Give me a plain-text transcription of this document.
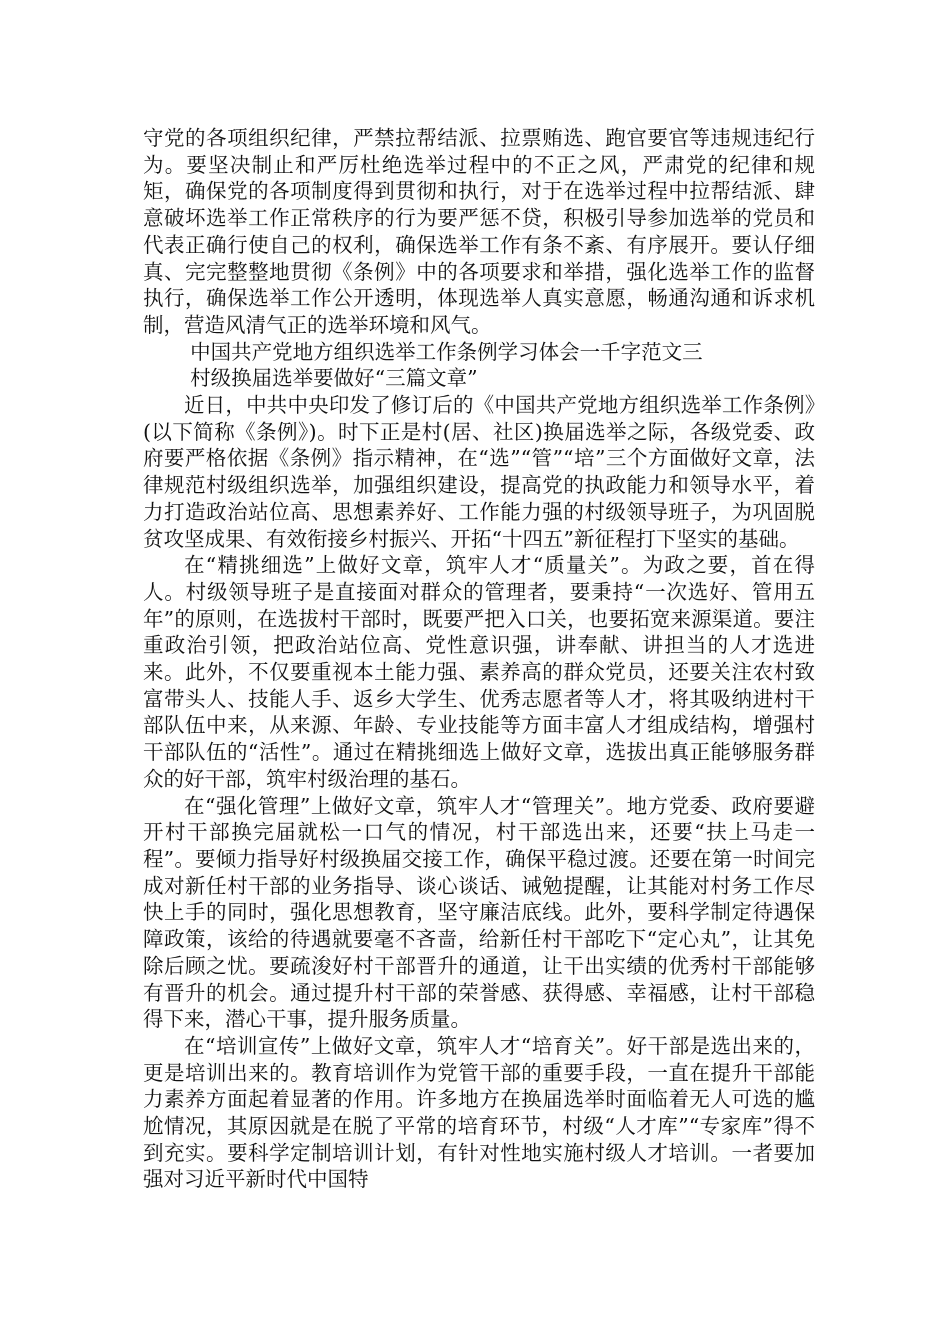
守党的各项组织纪律，严禁拉帮结派、拉票贿选、跑官要官等违规违纪行为。要坚决制止和严厉杜绝选举过程中的不正之风，严肃党的纪律和规矩，确保党的各项制度得到贯彻和执行，对于在选举过程中拉帮结派、肆意破坏选举工作正常秩序的行为要严惩不贷，积极引导参加选举的党员和代表正确行使自己的权利，确保选举工作有条不紊、有序展开。要认仔细真、完完整整地贯彻《条例》中的各项要求和举措，强化选举工作的监督执行，确保选举工作公开透明，体现选举人真实意愿，畅通沟通和诉求机制，营造风清气正的选举环境和风气。

中国共产党地方组织选举工作条例学习体会一千字范文三

村级换届选举要做好“三篇文章”

近日，中共中央印发了修订后的《中国共产党地方组织选举工作条例》(以下简称《条例》)。时下正是村(居、社区)换届选举之际，各级党委、政府要严格依据《条例》指示精神，在“选”“管”“培”三个方面做好文章，法律规范村级组织选举，加强组织建设，提高党的执政能力和领导水平，着力打造政治站位高、思想素养好、工作能力强的村级领导班子，为巩固脱贫攻坚成果、有效衔接乡村振兴、开拓“十四五”新征程打下坚实的基础。

在“精挑细选”上做好文章，筑牢人才“质量关”。为政之要，首在得人。村级领导班子是直接面对群众的管理者，要秉持“一次选好、管用五年”的原则，在选拔村干部时，既要严把入口关，也要拓宽来源渠道。要注重政治引领，把政治站位高、党性意识强，讲奉献、讲担当的人才选进来。此外，不仅要重视本土能力强、素养高的群众党员，还要关注农村致富带头人、技能人手、返乡大学生、优秀志愿者等人才，将其吸纳进村干部队伍中来，从来源、年龄、专业技能等方面丰富人才组成结构，增强村干部队伍的“活性”。通过在精挑细选上做好文章，选拔出真正能够服务群众的好干部，筑牢村级治理的基石。

在“强化管理”上做好文章，筑牢人才“管理关”。地方党委、政府要避开村干部换完届就松一口气的情况，村干部选出来，还要“扶上马走一程”。要倾力指导好村级换届交接工作，确保平稳过渡。还要在第一时间完成对新任村干部的业务指导、谈心谈话、诫勉提醒，让其能对村务工作尽快上手的同时，强化思想教育，坚守廉洁底线。此外，要科学制定待遇保障政策，该给的待遇就要毫不吝啬，给新任村干部吃下“定心丸”，让其免除后顾之忧。要疏浚好村干部晋升的通道，让干出实绩的优秀村干部能够有晋升的机会。通过提升村干部的荣誉感、获得感、幸福感，让村干部稳得下来，潜心干事，提升服务质量。

在“培训宣传”上做好文章，筑牢人才“培育关”。好干部是选出来的，更是培训出来的。教育培训作为党管干部的重要手段，一直在提升干部能力素养方面起着显著的作用。许多地方在换届选举时面临着无人可选的尴尬情况，其原因就是在脱了平常的培育环节，村级“人才库”“专家库”得不到充实。要科学定制培训计划，有针对性地实施村级人才培训。一者要加强对习近平新时代中国特
